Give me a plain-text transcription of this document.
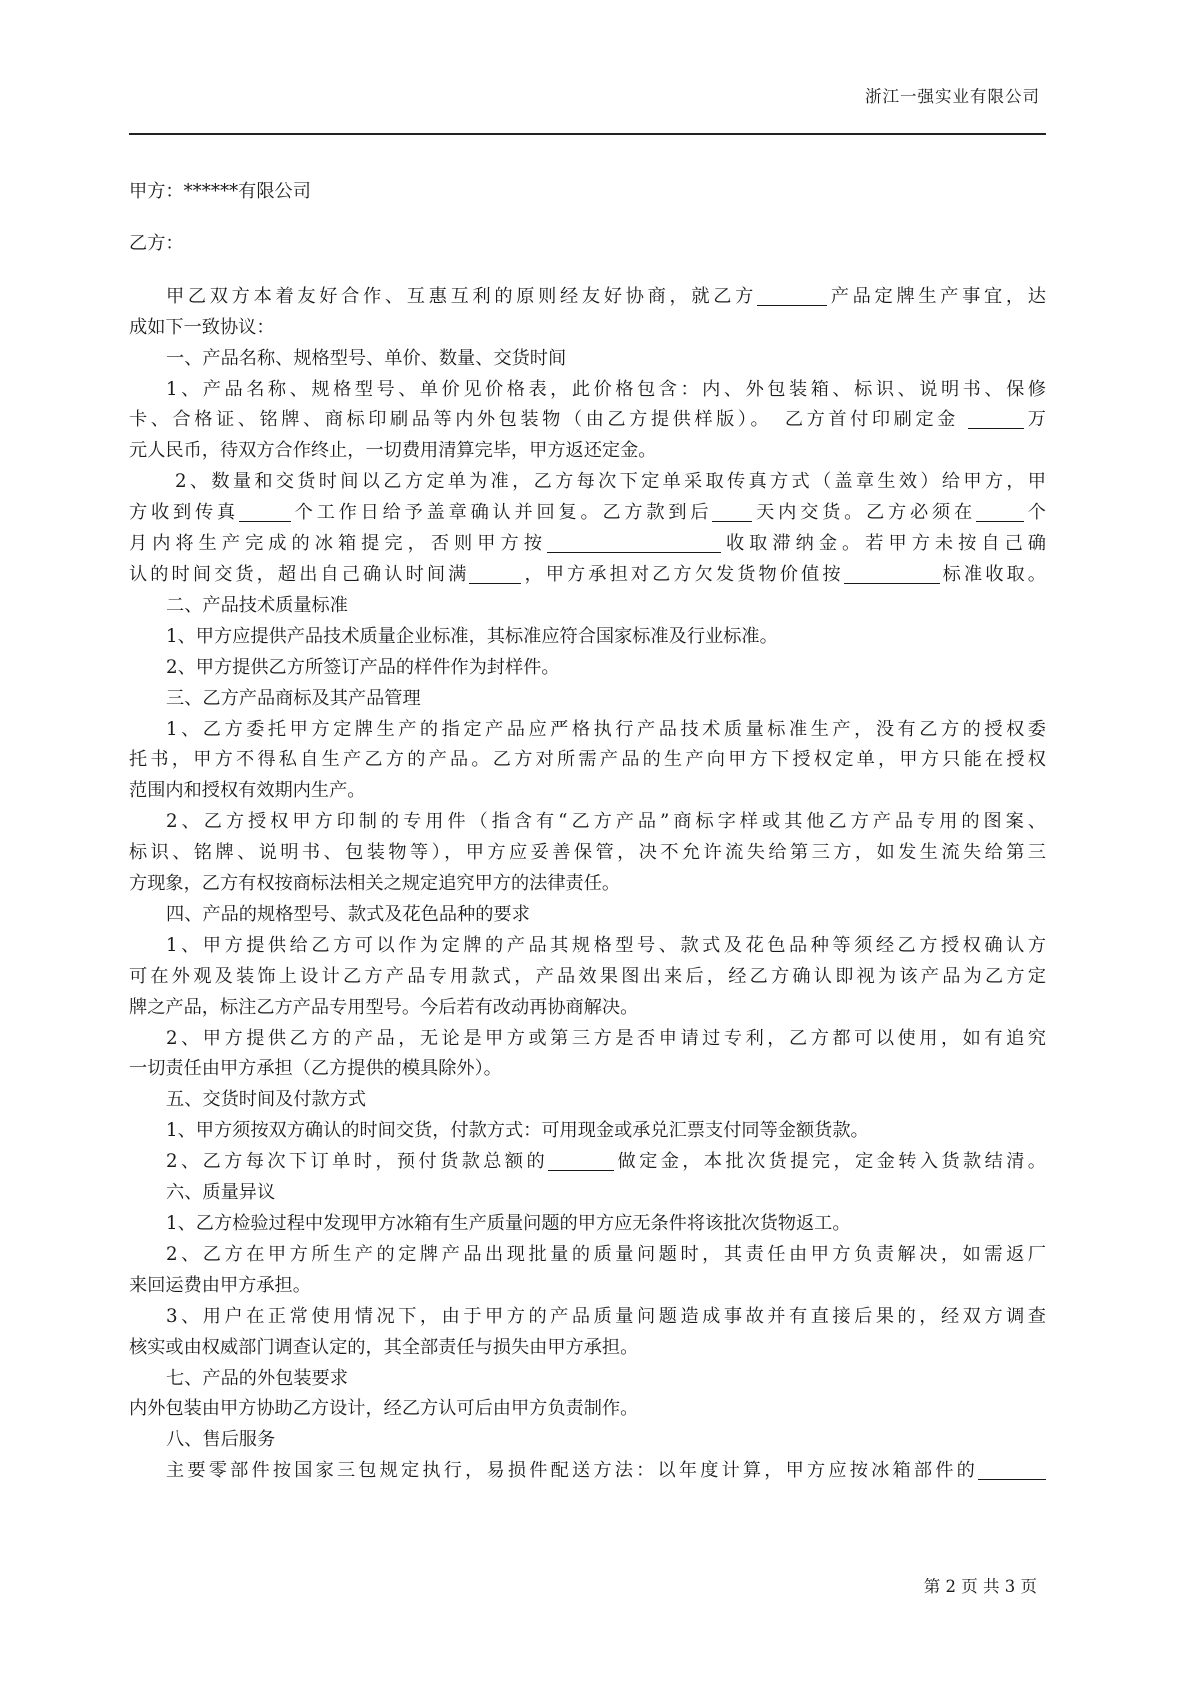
浙江一强实业有限公司
甲方：******有限公司
乙方：
甲乙双方本着友好合作、互惠互利的原则经友好协商，就乙方	产品定牌生产事宜，达
成如下一致协议：
一、产品名称、规格型号、单价、数量、交货时间
1、产品名称、规格型号、单价见价格表，此价格包含：内、外包装箱、标识、说明书、保修
卡、合格证、铭牌、商标印刷品等内外包装物（由乙方提供样版）。　乙方首付印刷定金	万
元人民币，待双方合作终止，一切费用清算完毕，甲方返还定金。
2、数量和交货时间以乙方定单为准，乙方每次下定单采取传真方式（盖章生效）给甲方，甲
方收到传真	个工作日给予盖章确认并回复。乙方款到后 天内交货。乙方必须在	个
月内将生产完成的冰箱提完，否则甲方按	收取滞纳金。若甲方未按自己确
认的时间交货，超出自己确认时间满	，甲方承担对乙方欠发货物价值按	标准收取。
二、产品技术质量标准
1、甲方应提供产品技术质量企业标准，其标准应符合国家标准及行业标准。
2、甲方提供乙方所签订产品的样件作为封样件。
三、乙方产品商标及其产品管理
1、乙方委托甲方定牌生产的指定产品应严格执行产品技术质量标准生产，没有乙方的授权委
托书，甲方不得私自生产乙方的产品。乙方对所需产品的生产向甲方下授权定单，甲方只能在授权
范围内和授权有效期内生产。
2、乙方授权甲方印制的专用件（指含有“乙方产品”商标字样或其他乙方产品专用的图案、
标识、铭牌、说明书、包装物等），甲方应妥善保管，决不允许流失给第三方，如发生流失给第三
方现象，乙方有权按商标法相关之规定追究甲方的法律责任。
四、产品的规格型号、款式及花色品种的要求
1、甲方提供给乙方可以作为定牌的产品其规格型号、款式及花色品种等须经乙方授权确认方
可在外观及装饰上设计乙方产品专用款式，产品效果图出来后，经乙方确认即视为该产品为乙方定
牌之产品，标注乙方产品专用型号。今后若有改动再协商解决。
2、甲方提供乙方的产品，无论是甲方或第三方是否申请过专利，乙方都可以使用，如有追究
一切责任由甲方承担（乙方提供的模具除外）。
五、交货时间及付款方式
1、甲方须按双方确认的时间交货，付款方式：可用现金或承兑汇票支付同等金额货款。
2、乙方每次下订单时，预付货款总额的	做定金，本批次货提完，定金转入货款结清。
六、质量异议
1、乙方检验过程中发现甲方冰箱有生产质量问题的甲方应无条件将该批次货物返工。
2、乙方在甲方所生产的定牌产品出现批量的质量问题时，其责任由甲方负责解决，如需返厂
来回运费由甲方承担。
3、用户在正常使用情况下，由于甲方的产品质量问题造成事故并有直接后果的，经双方调查
核实或由权威部门调查认定的，其全部责任与损失由甲方承担。
七、产品的外包装要求
内外包装由甲方协助乙方设计，经乙方认可后由甲方负责制作。
八、售后服务
主要零部件按国家三包规定执行，易损件配送方法：以年度计算，甲方应按冰箱部件的
第 2 页 共 3 页
